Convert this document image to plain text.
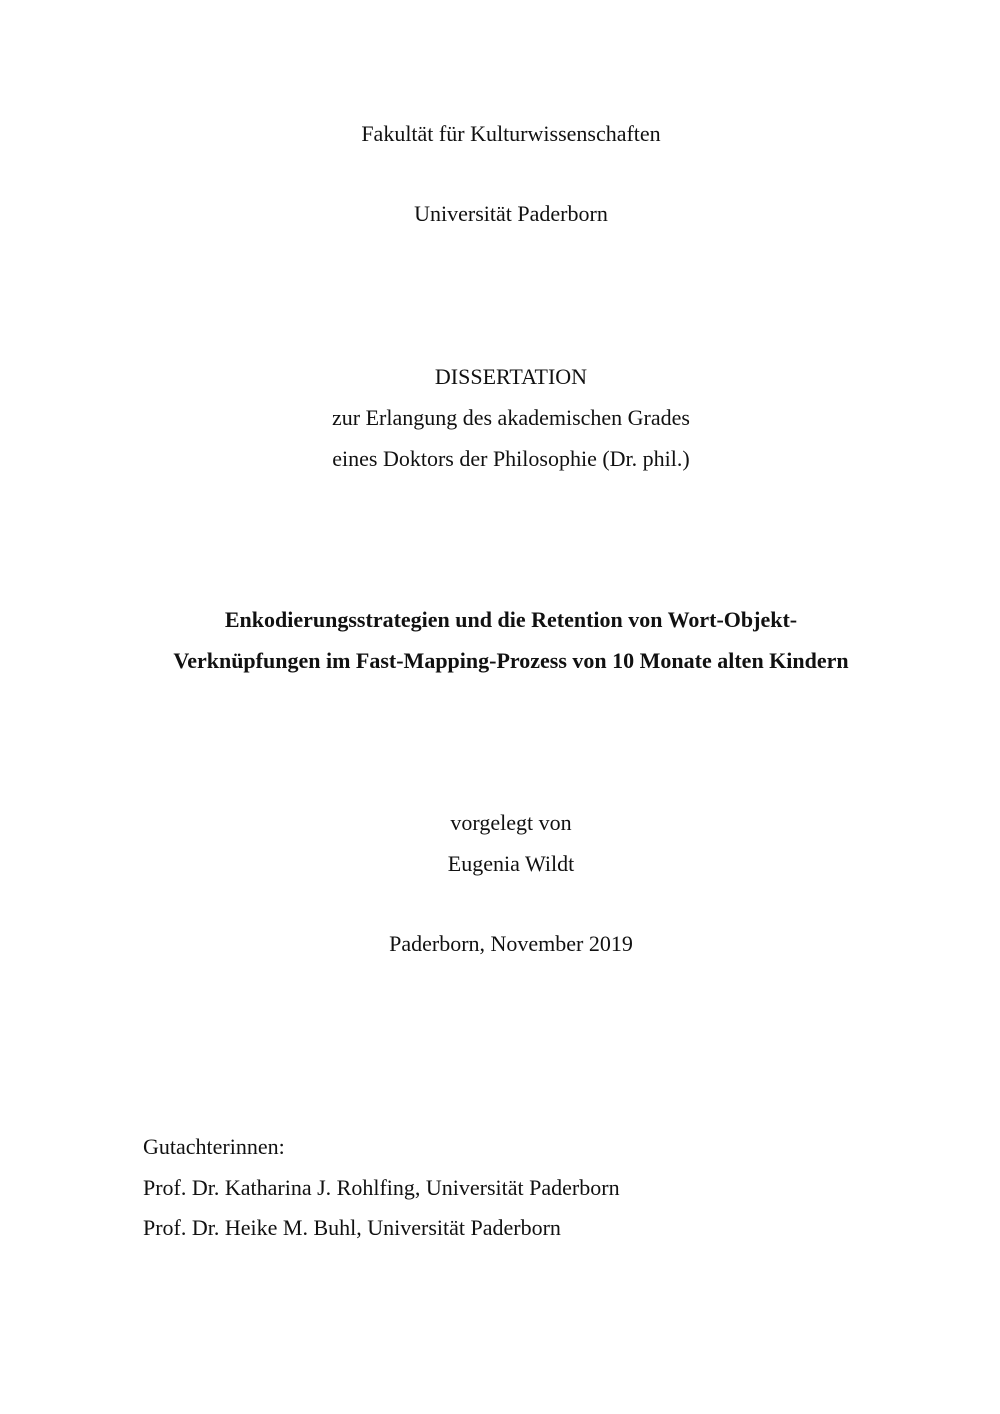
Fakultät für Kulturwissenschaften
Universität Paderborn
DISSERTATION
zur Erlangung des akademischen Grades
eines Doktors der Philosophie (Dr. phil.)
Enkodierungsstrategien und die Retention von Wort-Objekt-
Verknüpfungen im Fast-Mapping-Prozess von 10 Monate alten Kindern
vorgelegt von
Eugenia Wildt
Paderborn, November 2019
Gutachterinnen:
Prof. Dr. Katharina J. Rohlfing, Universität Paderborn
Prof. Dr. Heike M. Buhl, Universität Paderborn
